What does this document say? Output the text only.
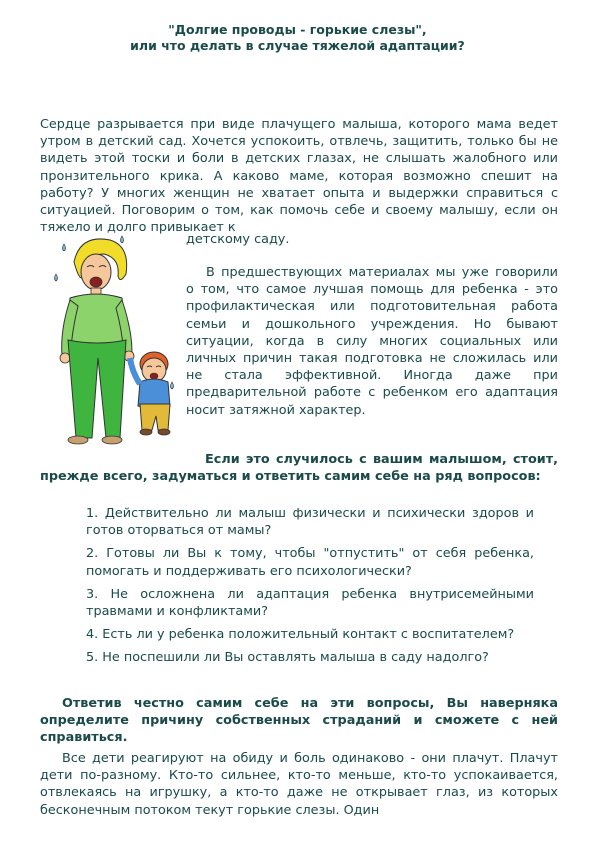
"Долгие проводы - горькие слезы",
или что делать в случае тяжелой адаптации?

Сердце разрывается при виде плачущего малыша, которого мама ведет утром в детский сад. Хочется успокоить, отвлечь, защитить, только бы не видеть этой тоски и боли в детских глазах, не слышать жалобного или пронзительного крика. А каково маме, которая возможно спешит на работу? У многих женщин не хватает опыта и выдержки справиться с ситуацией. Поговорим о том, как помочь себе и своему малышу, если он тяжело и долго привыкает к

детскому саду.

В предшествующих материалах мы уже говорили о том, что самое лучшая помощь для ребенка - это профилактическая или подготовительная работа семьи и дошкольного учреждения. Но бывают ситуации, когда в силу многих социальных или личных причин такая подготовка не сложилась или не стала эффективной. Иногда даже при предварительной работе с ребенком его адаптация носит затяжной характер.

Если это случилось с вашим малышом, стоит, прежде всего, задуматься и ответить самим себе на ряд вопросов:

1. Действительно ли малыш физически и психически здоров и готов оторваться от мамы?
2. Готовы ли Вы к тому, чтобы "отпустить" от себя ребенка, помогать и поддерживать его психологически?
3. Не осложнена ли адаптация ребенка внутрисемейными травмами и конфликтами?
4. Есть ли у ребенка положительный контакт с воспитателем?
5. Не поспешили ли Вы оставлять малыша в саду надолго?

Ответив честно самим себе на эти вопросы, Вы наверняка определите причину собственных страданий и сможете с ней справиться.

Все дети реагируют на обиду и боль одинаково - они плачут. Плачут дети по-разному. Кто-то сильнее, кто-то меньше, кто-то успокаивается, отвлекаясь на игрушку, а кто-то даже не открывает глаз, из которых бесконечным потоком текут горькие слезы. Один
